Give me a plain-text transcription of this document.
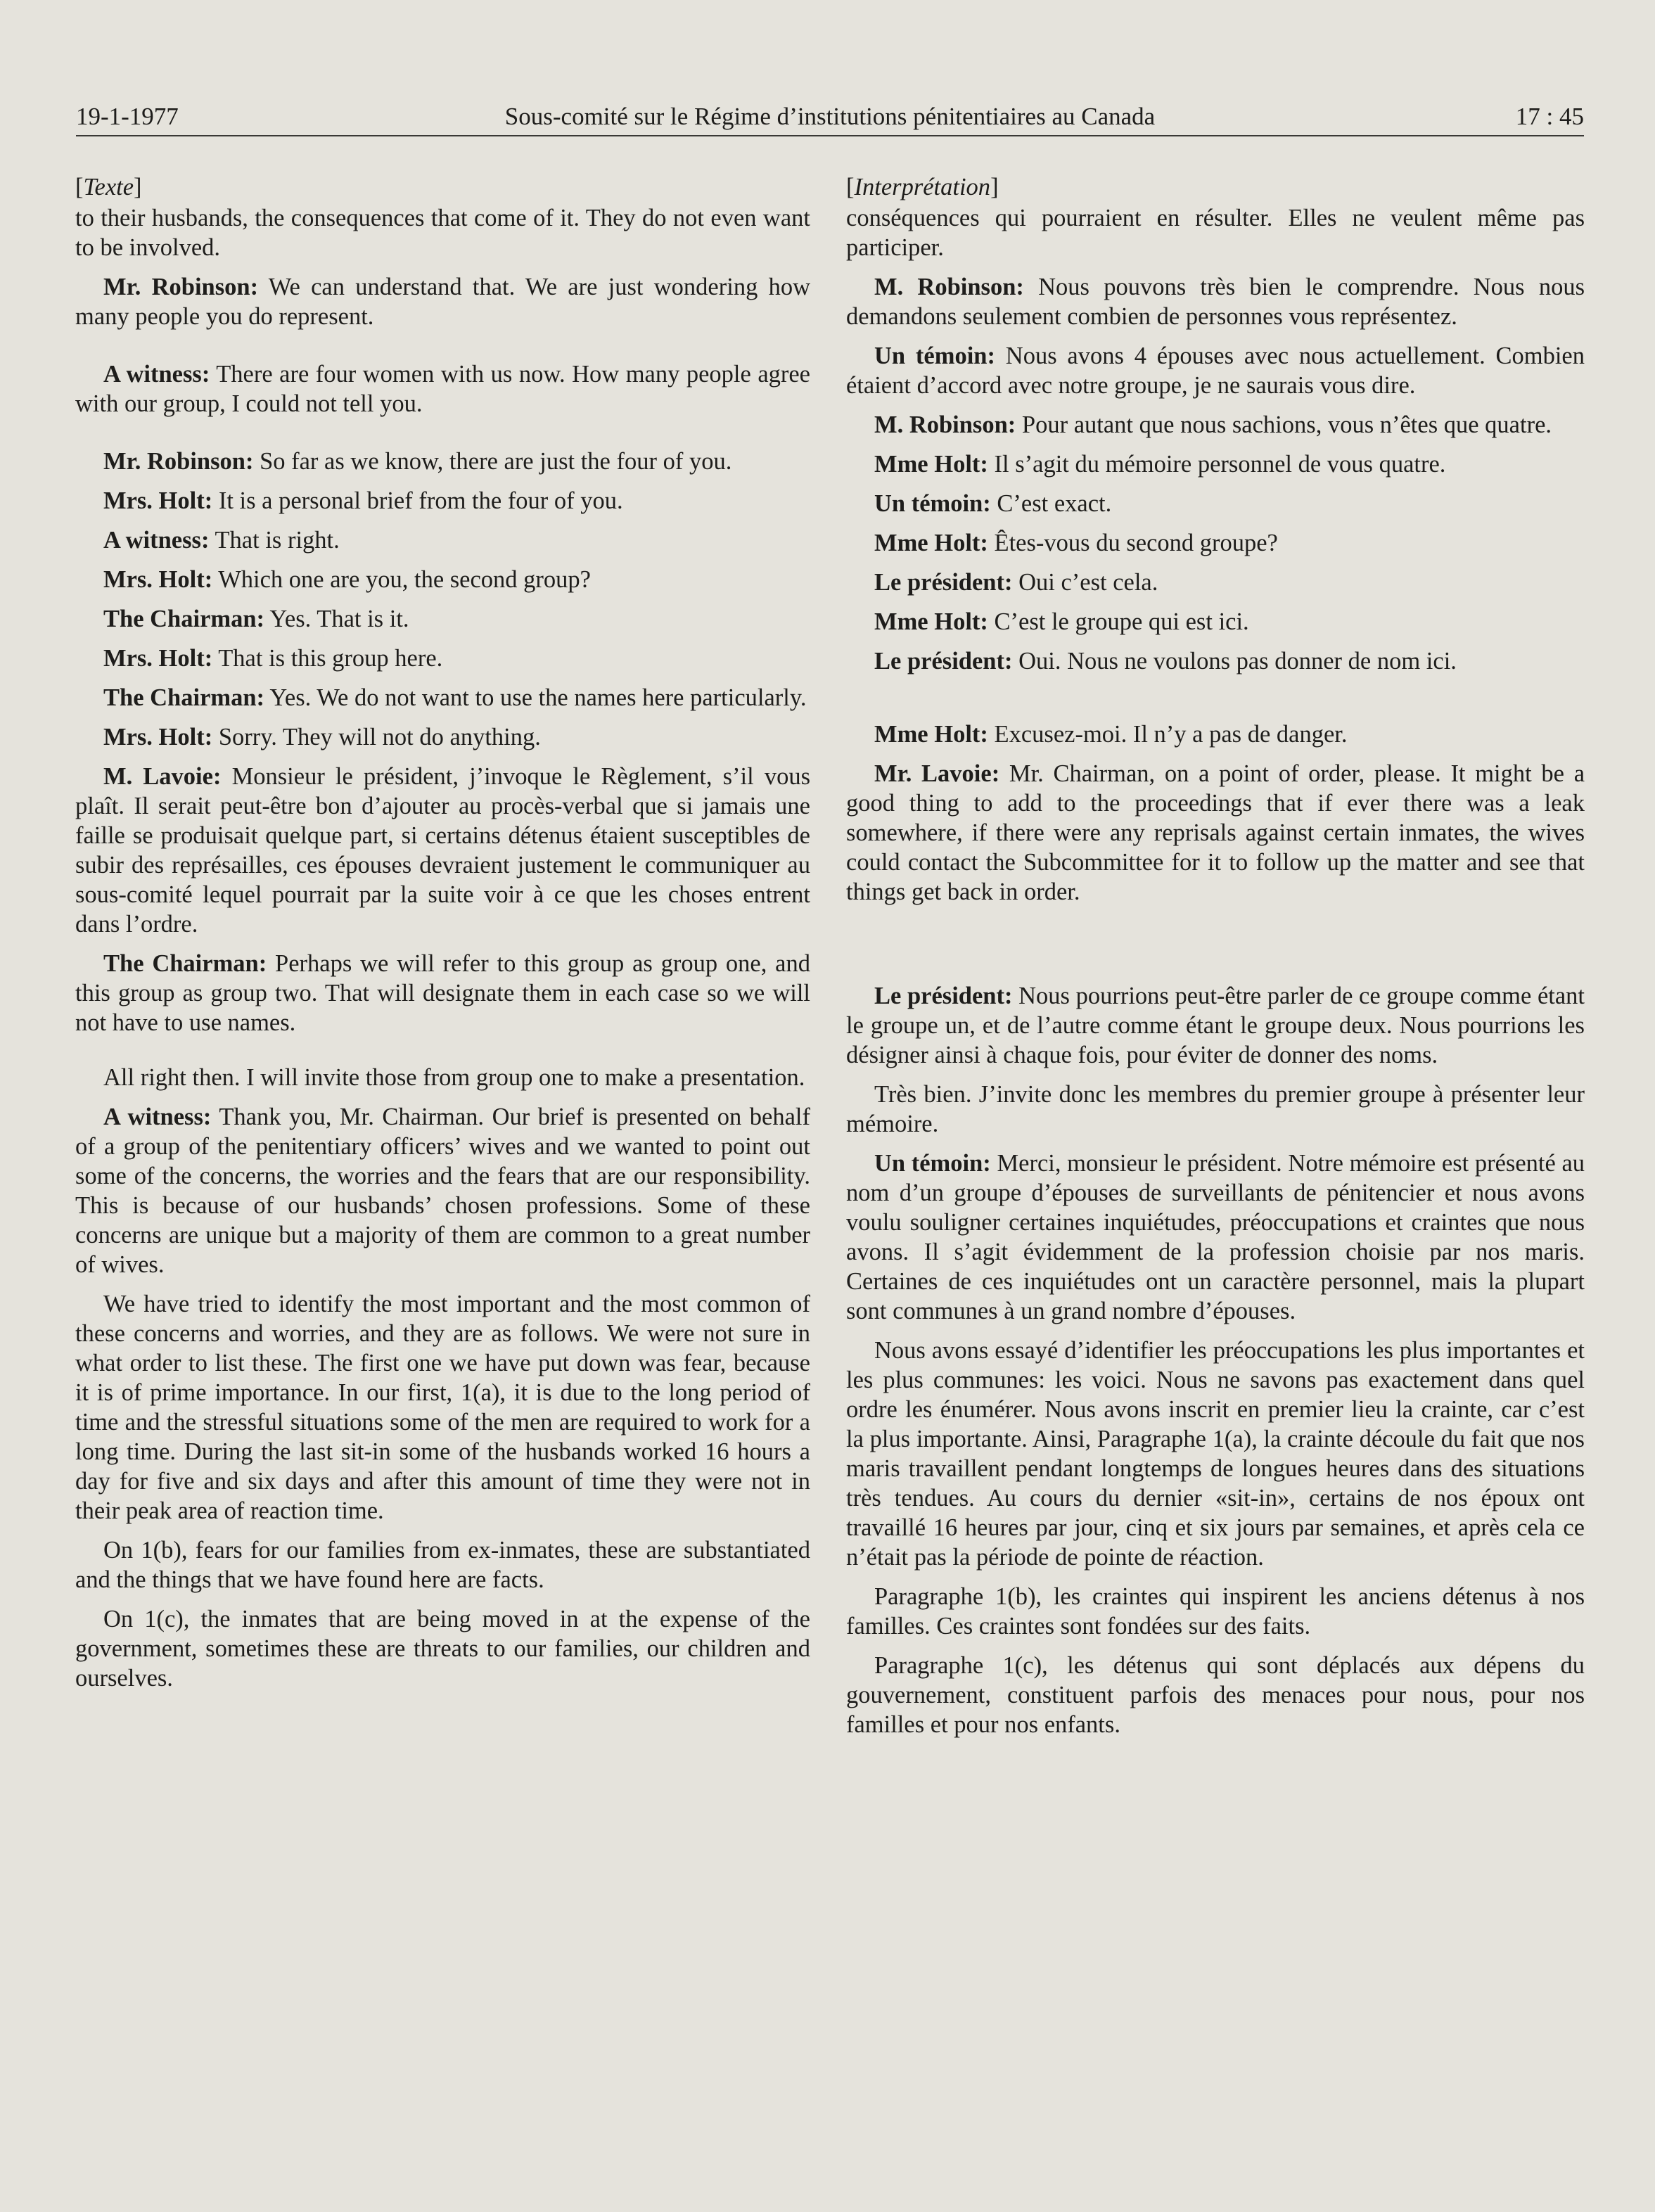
19-1-1977	Sous-comité sur le Régime d’institutions pénitentiaires au Canada	17 : 45
[Texte]

to their husbands, the consequences that come of it. They do not even want to be involved.

Mr. Robinson: We can understand that. We are just wondering how many people you do represent.

A witness: There are four women with us now. How many people agree with our group, I could not tell you.

Mr. Robinson: So far as we know, there are just the four of you.

Mrs. Holt: It is a personal brief from the four of you.

A witness: That is right.

Mrs. Holt: Which one are you, the second group?

The Chairman: Yes. That is it.

Mrs. Holt: That is this group here.

The Chairman: Yes. We do not want to use the names here particularly.

Mrs. Holt: Sorry. They will not do anything.

M. Lavoie: Monsieur le président, j’invoque le Règlement, s’il vous plaît. Il serait peut-être bon d’ajouter au procès-verbal que si jamais une faille se produisait quelque part, si certains détenus étaient susceptibles de subir des représailles, ces épouses devraient justement le communiquer au sous-comité lequel pourrait par la suite voir à ce que les choses entrent dans l’ordre.

The Chairman: Perhaps we will refer to this group as group one, and this group as group two. That will designate them in each case so we will not have to use names.

All right then. I will invite those from group one to make a presentation.

A witness: Thank you, Mr. Chairman. Our brief is presented on behalf of a group of the penitentiary officers’ wives and we wanted to point out some of the concerns, the worries and the fears that are our responsibility. This is because of our husbands’ chosen professions. Some of these concerns are unique but a majority of them are common to a great number of wives.

We have tried to identify the most important and the most common of these concerns and worries, and they are as follows. We were not sure in what order to list these. The first one we have put down was fear, because it is of prime importance. In our first, 1(a), it is due to the long period of time and the stressful situations some of the men are required to work for a long time. During the last sit-in some of the husbands worked 16 hours a day for five and six days and after this amount of time they were not in their peak area of reaction time.

On 1(b), fears for our families from ex-inmates, these are substantiated and the things that we have found here are facts.

On 1(c), the inmates that are being moved in at the expense of the government, sometimes these are threats to our families, our children and ourselves.

[Interprétation]

conséquences qui pourraient en résulter. Elles ne veulent même pas participer.

M. Robinson: Nous pouvons très bien le comprendre. Nous nous demandons seulement combien de personnes vous représentez.

Un témoin: Nous avons 4 épouses avec nous actuellement. Combien étaient d’accord avec notre groupe, je ne saurais vous dire.

M. Robinson: Pour autant que nous sachions, vous n’êtes que quatre.

Mme Holt: Il s’agit du mémoire personnel de vous quatre.

Un témoin: C’est exact.

Mme Holt: Êtes-vous du second groupe?

Le président: Oui c’est cela.

Mme Holt: C’est le groupe qui est ici.

Le président: Oui. Nous ne voulons pas donner de nom ici.

Mme Holt: Excusez-moi. Il n’y a pas de danger.

Mr. Lavoie: Mr. Chairman, on a point of order, please. It might be a good thing to add to the proceedings that if ever there was a leak somewhere, if there were any reprisals against certain inmates, the wives could contact the Subcommittee for it to follow up the matter and see that things get back in order.

Le président: Nous pourrions peut-être parler de ce groupe comme étant le groupe un, et de l’autre comme étant le groupe deux. Nous pourrions les désigner ainsi à chaque fois, pour éviter de donner des noms.

Très bien. J’invite donc les membres du premier groupe à présenter leur mémoire.

Un témoin: Merci, monsieur le président. Notre mémoire est présenté au nom d’un groupe d’épouses de surveillants de pénitencier et nous avons voulu souligner certaines inquiétudes, préoccupations et craintes que nous avons. Il s’agit évidemment de la profession choisie par nos maris. Certaines de ces inquiétudes ont un caractère personnel, mais la plupart sont communes à un grand nombre d’épouses.

Nous avons essayé d’identifier les préoccupations les plus importantes et les plus communes: les voici. Nous ne savons pas exactement dans quel ordre les énumérer. Nous avons inscrit en premier lieu la crainte, car c’est la plus importante. Ainsi, Paragraphe 1(a), la crainte découle du fait que nos maris travaillent pendant longtemps de longues heures dans des situations très tendues. Au cours du dernier «sit-in», certains de nos époux ont travaillé 16 heures par jour, cinq et six jours par semaines, et après cela ce n’était pas la période de pointe de réaction.

Paragraphe 1(b), les craintes qui inspirent les anciens détenus à nos familles. Ces craintes sont fondées sur des faits.

Paragraphe 1(c), les détenus qui sont déplacés aux dépens du gouvernement, constituent parfois des menaces pour nous, pour nos familles et pour nos enfants.
